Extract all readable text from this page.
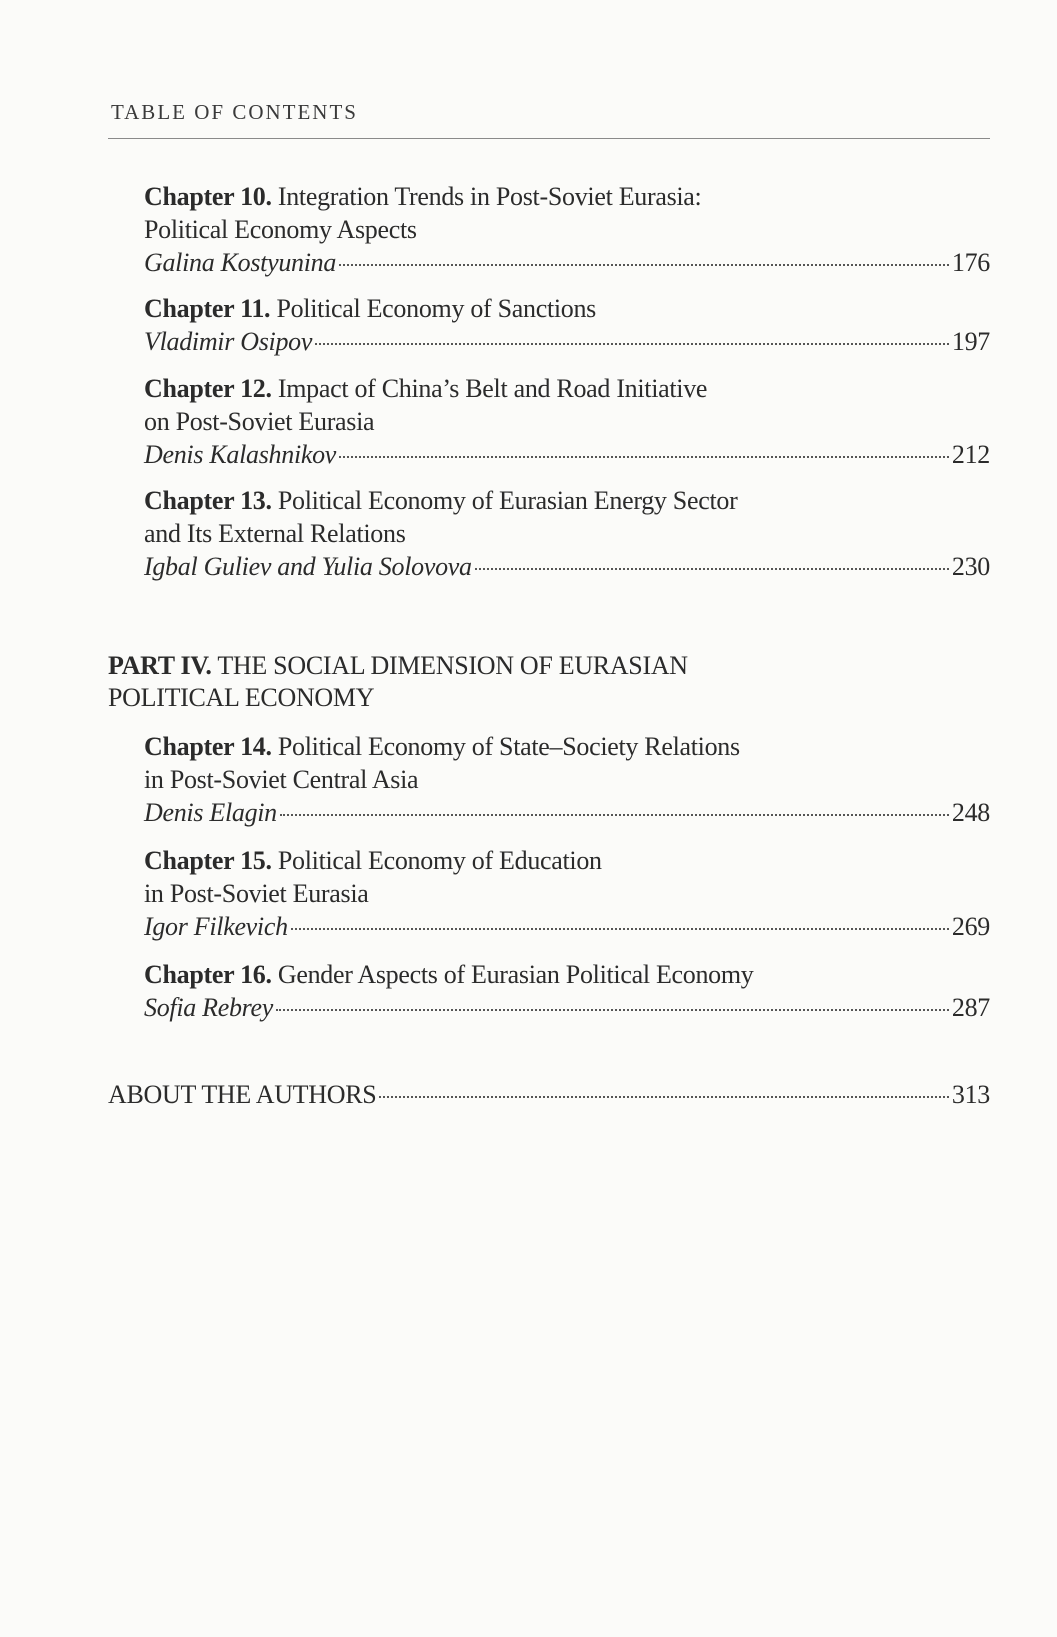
TABLE OF CONTENTS
Chapter 10. Integration Trends in Post-Soviet Eurasia:
Political Economy Aspects
Galina Kostyunina	176
Chapter 11. Political Economy of Sanctions
Vladimir Osipov	197
Chapter 12. Impact of China’s Belt and Road Initiative
on Post-Soviet Eurasia
Denis Kalashnikov	212
Chapter 13. Political Economy of Eurasian Energy Sector
and Its External Relations
Igbal Guliev and Yulia Solovova	230
PART IV. THE SOCIAL DIMENSION OF EURASIAN
POLITICAL ECONOMY
Chapter 14. Political Economy of State–Society Relations
in Post-Soviet Central Asia
Denis Elagin	248
Chapter 15. Political Economy of Education
in Post-Soviet Eurasia
Igor Filkevich	269
Chapter 16. Gender Aspects of Eurasian Political Economy
Sofia Rebrey	287
ABOUT THE AUTHORS	313
